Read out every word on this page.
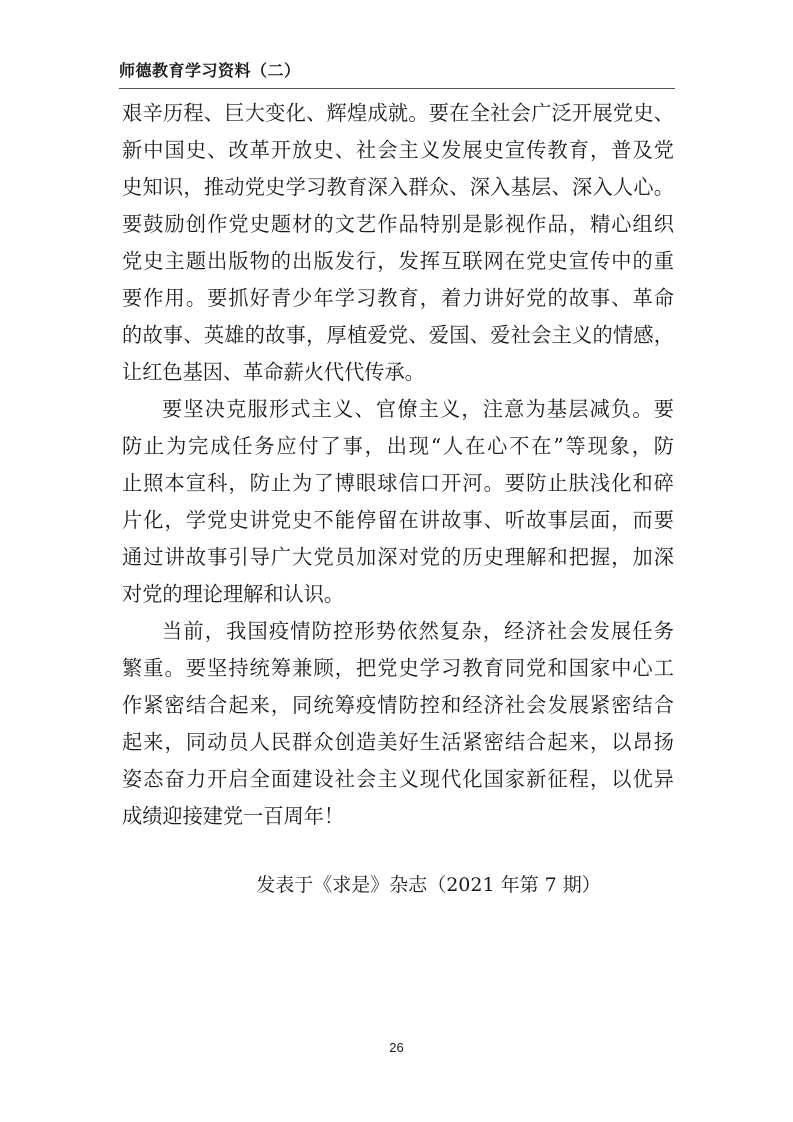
师德教育学习资料（二）
艰辛历程、巨大变化、辉煌成就。要在全社会广泛开展党史、
新中国史、改革开放史、社会主义发展史宣传教育，普及党
史知识，推动党史学习教育深入群众、深入基层、深入人心。
要鼓励创作党史题材的文艺作品特别是影视作品，精心组织
党史主题出版物的出版发行，发挥互联网在党史宣传中的重
要作用。要抓好青少年学习教育，着力讲好党的故事、革命
的故事、英雄的故事，厚植爱党、爱国、爱社会主义的情感，
让红色基因、革命薪火代代传承。
要坚决克服形式主义、官僚主义，注意为基层减负。要
防止为完成任务应付了事，出现“人在心不在”等现象，防
止照本宣科，防止为了博眼球信口开河。要防止肤浅化和碎
片化，学党史讲党史不能停留在讲故事、听故事层面，而要
通过讲故事引导广大党员加深对党的历史理解和把握，加深
对党的理论理解和认识。
当前，我国疫情防控形势依然复杂，经济社会发展任务
繁重。要坚持统筹兼顾，把党史学习教育同党和国家中心工
作紧密结合起来，同统筹疫情防控和经济社会发展紧密结合
起来，同动员人民群众创造美好生活紧密结合起来，以昂扬
姿态奋力开启全面建设社会主义现代化国家新征程，以优异
成绩迎接建党一百周年！
发表于《求是》杂志（2021 年第 7 期）
26
